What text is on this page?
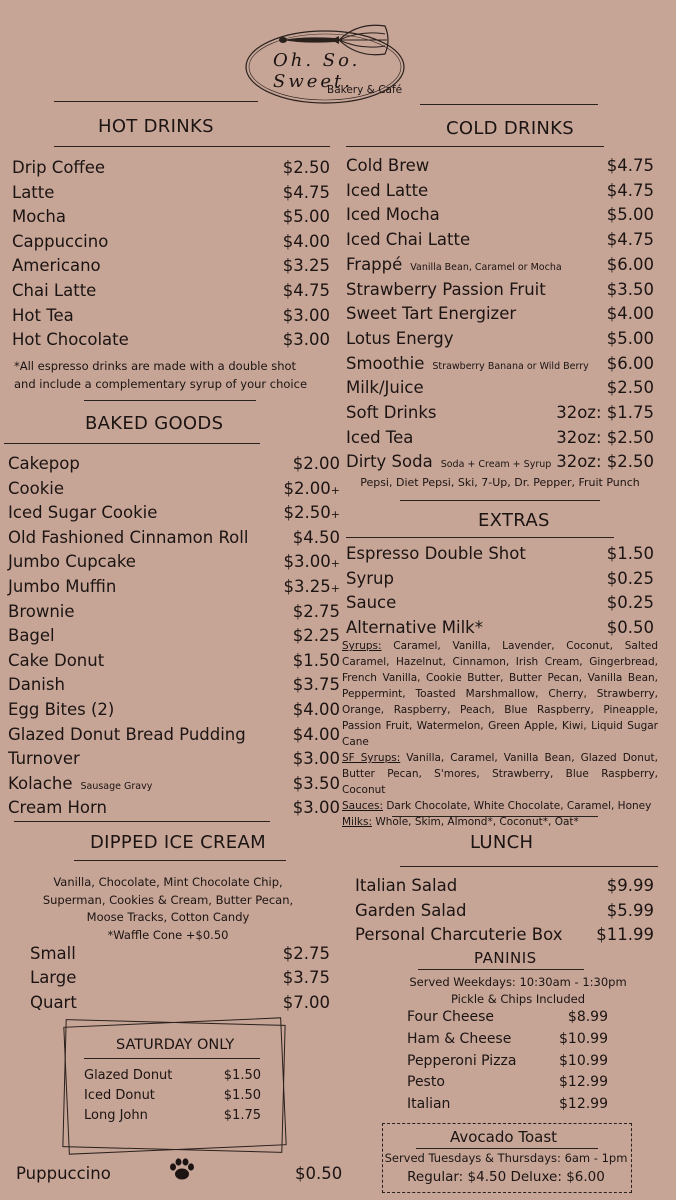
Oh. So. Sweet.
Bakery & Café
HOT DRINKS
Drip Coffee	$2.50
Latte	$4.75
Mocha	$5.00
Cappuccino	$4.00
Americano	$3.25
Chai Latte	$4.75
Hot Tea	$3.00
Hot Chocolate	$3.00
*All espresso drinks are made with a double shot
and include a complementary syrup of your choice
BAKED GOODS
Cakepop	$2.00
Cookie	$2.00+
Iced Sugar Cookie	$2.50+
Old Fashioned Cinnamon Roll	$4.50
Jumbo Cupcake	$3.00+
Jumbo Muffin	$3.25+
Brownie	$2.75
Bagel	$2.25
Cake Donut	$1.50
Danish	$3.75
Egg Bites (2)	$4.00
Glazed Donut Bread Pudding	$4.00
Turnover	$3.00
Kolache Sausage Gravy	$3.50
Cream Horn	$3.00
DIPPED ICE CREAM
Vanilla, Chocolate, Mint Chocolate Chip,
Superman, Cookies & Cream, Butter Pecan,
Moose Tracks, Cotton Candy
*Waffle Cone +$0.50
Small	$2.75
Large	$3.75
Quart	$7.00
SATURDAY ONLY
Glazed Donut	$1.50
Iced Donut	$1.50
Long John	$1.75
Puppuccino	$0.50
COLD DRINKS
Cold Brew	$4.75
Iced Latte	$4.75
Iced Mocha	$5.00
Iced Chai Latte	$4.75
Frappé Vanilla Bean, Caramel or Mocha	$6.00
Strawberry Passion Fruit	$3.50
Sweet Tart Energizer	$4.00
Lotus Energy	$5.00
Smoothie Strawberry Banana or Wild Berry $6.00
Milk/Juice	$2.50
Soft Drinks	32oz: $1.75
Iced Tea	32oz: $2.50
Dirty Soda Soda + Cream + Syrup 32oz: $2.50
Pepsi, Diet Pepsi, Ski, 7-Up, Dr. Pepper, Fruit Punch
EXTRAS
Espresso Double Shot	$1.50
Syrup	$0.25
Sauce	$0.25
Alternative Milk*	$0.50
Syrups: Caramel, Vanilla, Lavender, Coconut, Salted Caramel, Hazelnut, Cinnamon, Irish Cream, Gingerbread, French Vanilla, Cookie Butter, Butter Pecan, Vanilla Bean, Peppermint, Toasted Marshmallow, Cherry, Strawberry, Orange, Raspberry, Peach, Blue Raspberry, Pineapple, Passion Fruit, Watermelon, Green Apple, Kiwi, Liquid Sugar Cane
SF Syrups: Vanilla, Caramel, Vanilla Bean, Glazed Donut, Butter Pecan, S'mores, Strawberry, Blue Raspberry, Coconut
Sauces: Dark Chocolate, White Chocolate, Caramel, Honey
Milks: Whole, Skim, Almond*, Coconut*, Oat*
LUNCH
Italian Salad	$9.99
Garden Salad	$5.99
Personal Charcuterie Box $11.99
PANINIS
Served Weekdays: 10:30am - 1:30pm
Pickle & Chips Included
Four Cheese	$8.99
Ham & Cheese	$10.99
Pepperoni Pizza	$10.99
Pesto	$12.99
Italian	$12.99
Avocado Toast
Served Tuesdays & Thursdays: 6am - 1pm
Regular: $4.50 Deluxe: $6.00
